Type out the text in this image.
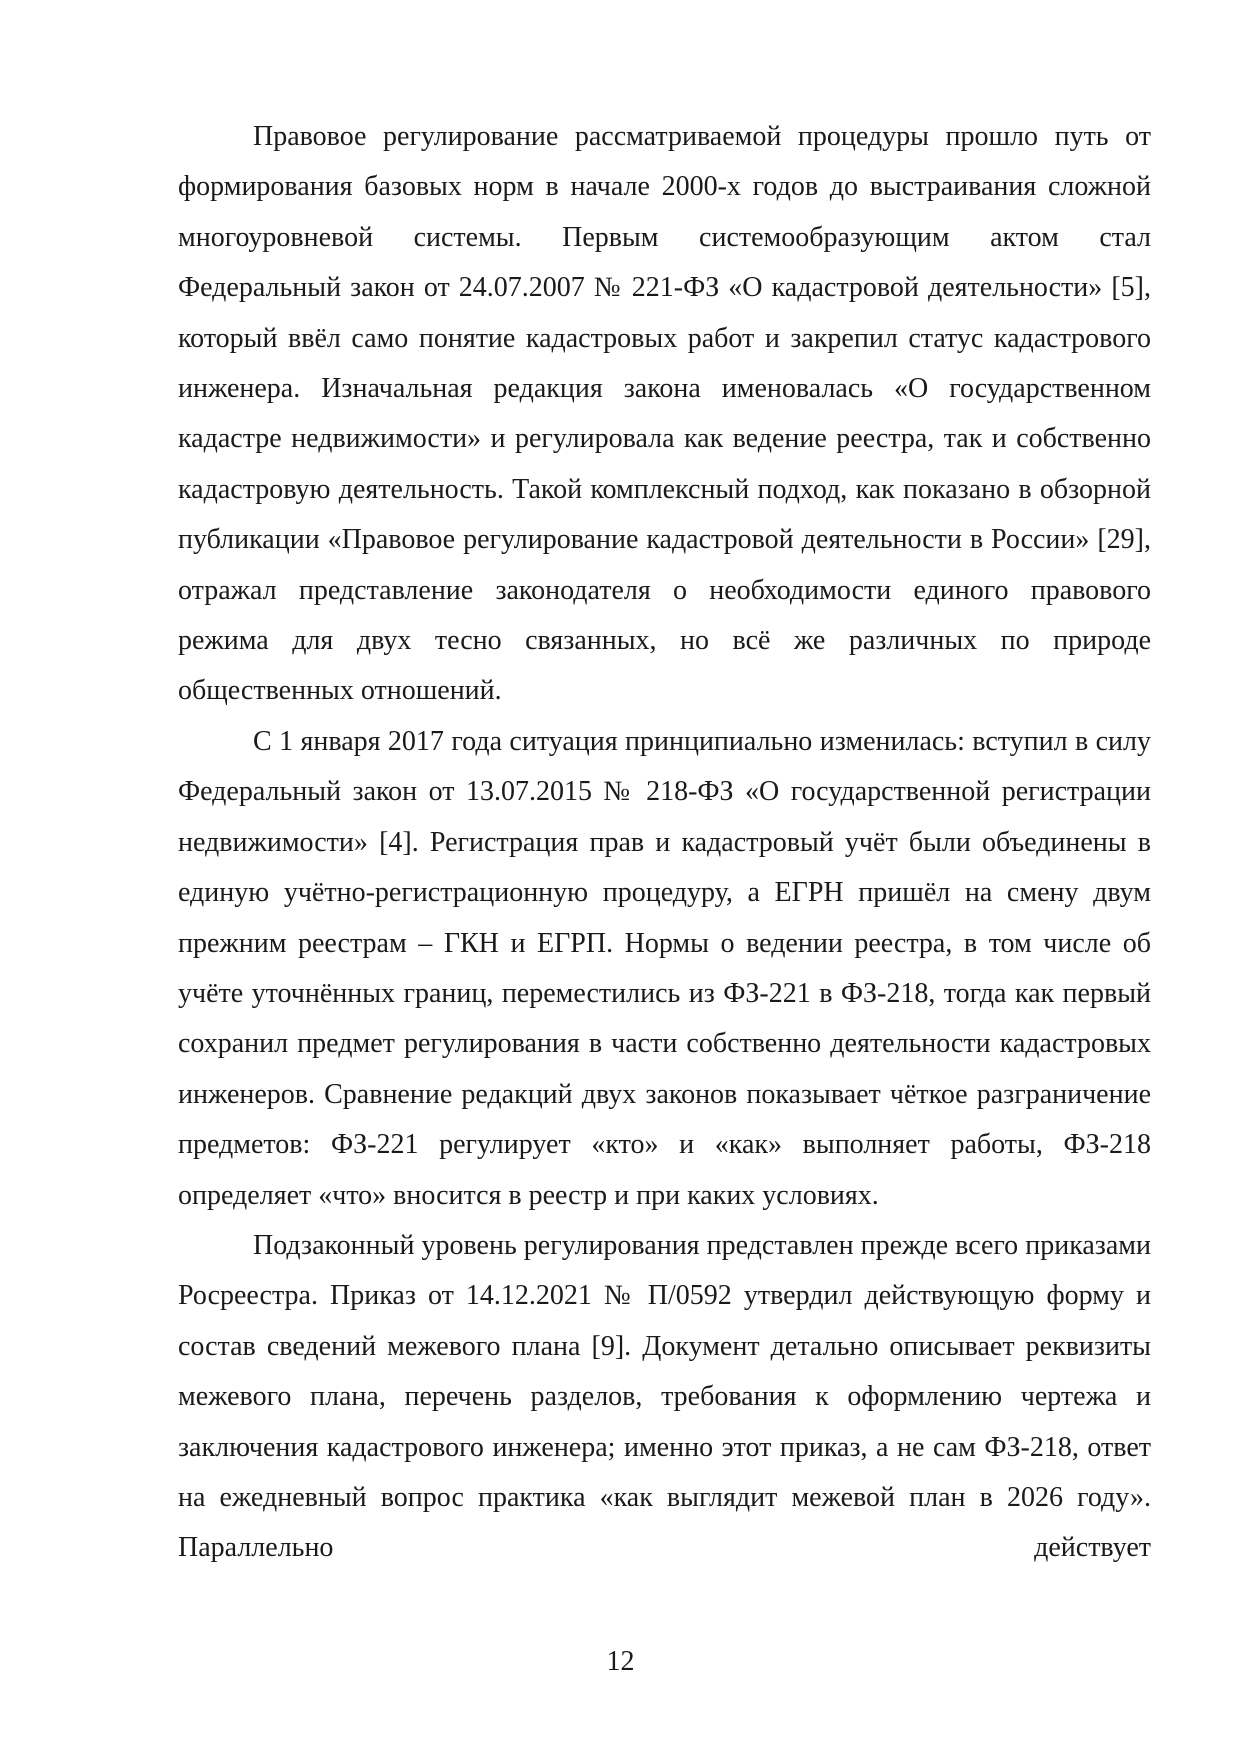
Правовое регулирование рассматриваемой процедуры прошло путь от формирования базовых норм в начале 2000-х годов до выстраивания сложной многоуровневой системы. Первым системообразующим актом стал Федеральный закон от 24.07.2007 № 221-ФЗ «О кадастровой деятельности» [5], который ввёл само понятие кадастровых работ и закрепил статус кадастрового инженера. Изначальная редакция закона именовалась «О государственном кадастре недвижимости» и регулировала как ведение реестра, так и собственно кадастровую деятельность. Такой комплексный подход, как показано в обзорной публикации «Правовое регулирование кадастровой деятельности в России» [29], отражал представление законодателя о необходимости единого правового режима для двух тесно связанных, но всё же различных по природе общественных отношений.

С 1 января 2017 года ситуация принципиально изменилась: вступил в силу Федеральный закон от 13.07.2015 № 218-ФЗ «О государственной регистрации недвижимости» [4]. Регистрация прав и кадастровый учёт были объединены в единую учётно-регистрационную процедуру, а ЕГРН пришёл на смену двум прежним реестрам – ГКН и ЕГРП. Нормы о ведении реестра, в том числе об учёте уточнённых границ, переместились из ФЗ-221 в ФЗ-218, тогда как первый сохранил предмет регулирования в части собственно деятельности кадастровых инженеров. Сравнение редакций двух законов показывает чёткое разграничение предметов: ФЗ-221 регулирует «кто» и «как» выполняет работы, ФЗ-218 определяет «что» вносится в реестр и при каких условиях.

Подзаконный уровень регулирования представлен прежде всего приказами Росреестра. Приказ от 14.12.2021 № П/0592 утвердил действующую форму и состав сведений межевого плана [9]. Документ детально описывает реквизиты межевого плана, перечень разделов, требования к оформлению чертежа и заключения кадастрового инженера; именно этот приказ, а не сам ФЗ-218, ответ на ежедневный вопрос практика «как выглядит межевой план в 2026 году». Параллельно действует

12
